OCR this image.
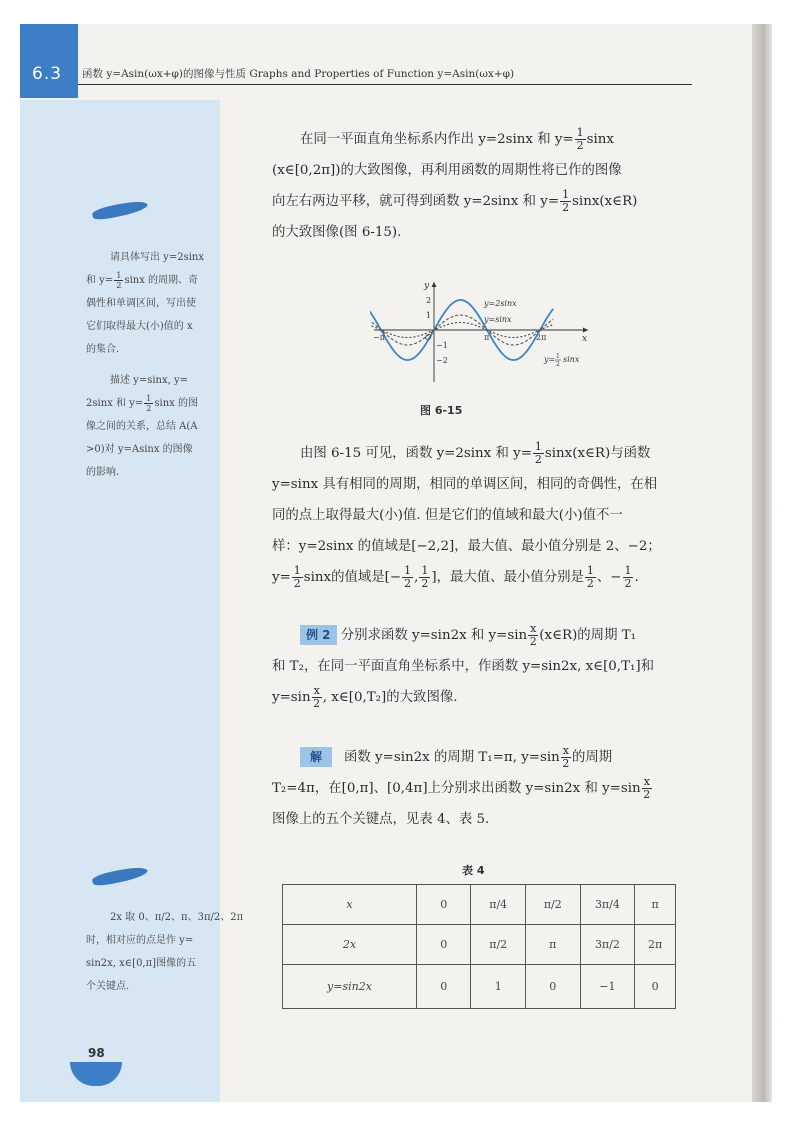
6.3 函数 y=Asin(ωx+φ)的图像与性质 Graphs and Properties of Function y=Asin(ωx+φ)

请具体写出 y=2sinx

和 $y= \frac{1}{2}$ sinx 的周期、奇

偶性和单调区间，写出使

它们取得最大(小)值的 x

的集合.

描述 y=sinx, y=

2sinx 和 $y= \frac{1}{2}$ sinx 的图

像之间的关系，总结 A(A

>0)对 y=Asinx 的图像

的影响.

2x 取 0、π/2、π、3π/2、2π

时，相对应的点是作 y=

sin2x, x∈[0,π]图像的五

个关键点.

在同一平面直角坐标系内作出 y=2sinx 和 $y= \frac{1}{2}$ sinx

(x∈[0,2π])的大致图像，再利用函数的周期性将已作的图像

向左右两边平移，就可得到函数 y=2sinx 和 $y= \frac{1}{2}$ sinx(x∈R)

的大致图像(图 6-15).

y
x
O
−π	π	2π
2
1
−1
−2
y=2sinx
y=sinx
y= 1
2
sinx
图 6-15

由图 6-15 可见，函数 y=2sinx 和 $y= \frac{1}{2}$ sinx(x∈R)与函数

y=sinx 具有相同的周期，相同的单调区间，相同的奇偶性，在相

同的点上取得最大(小)值. 但是它们的值域和最大(小)值不一

样：y=2sinx 的值域是[−2,2]，最大值、最小值分别是 2、−2；

$y= \frac{1}{2}$ sinx的值域是[− $\frac{1}{2}$ , $\frac{1}{2}$ ]，最大值、最小值分别是 $\frac{1}{2}$ 、− $\frac{1}{2}$ .

例 2 分别求函数 y=sin2x 和 $y=\sin \frac{x}{2}$ (x∈R)的周期 T₁

和 T₂，在同一平面直角坐标系中，作函数 y=sin2x, x∈[0,T₁]和

$y=\sin \frac{x}{2}$ , x∈[0,T₂]的大致图像.

解 函数 y=sin2x 的周期 T₁=π, $y=\sin \frac{x}{2}$ 的周期

T₂=4π，在[0,π]、[0,4π]上分别求出函数 y=sin2x 和 $y=\sin \frac{x}{2}$

图像上的五个关键点，见表 4、表 5.

表 4
x	0	π/4	π/2	3π/4	π
2x	0	π/2	π	3π/2	2π
y=sin2x	0	1	0	−1	0
98
